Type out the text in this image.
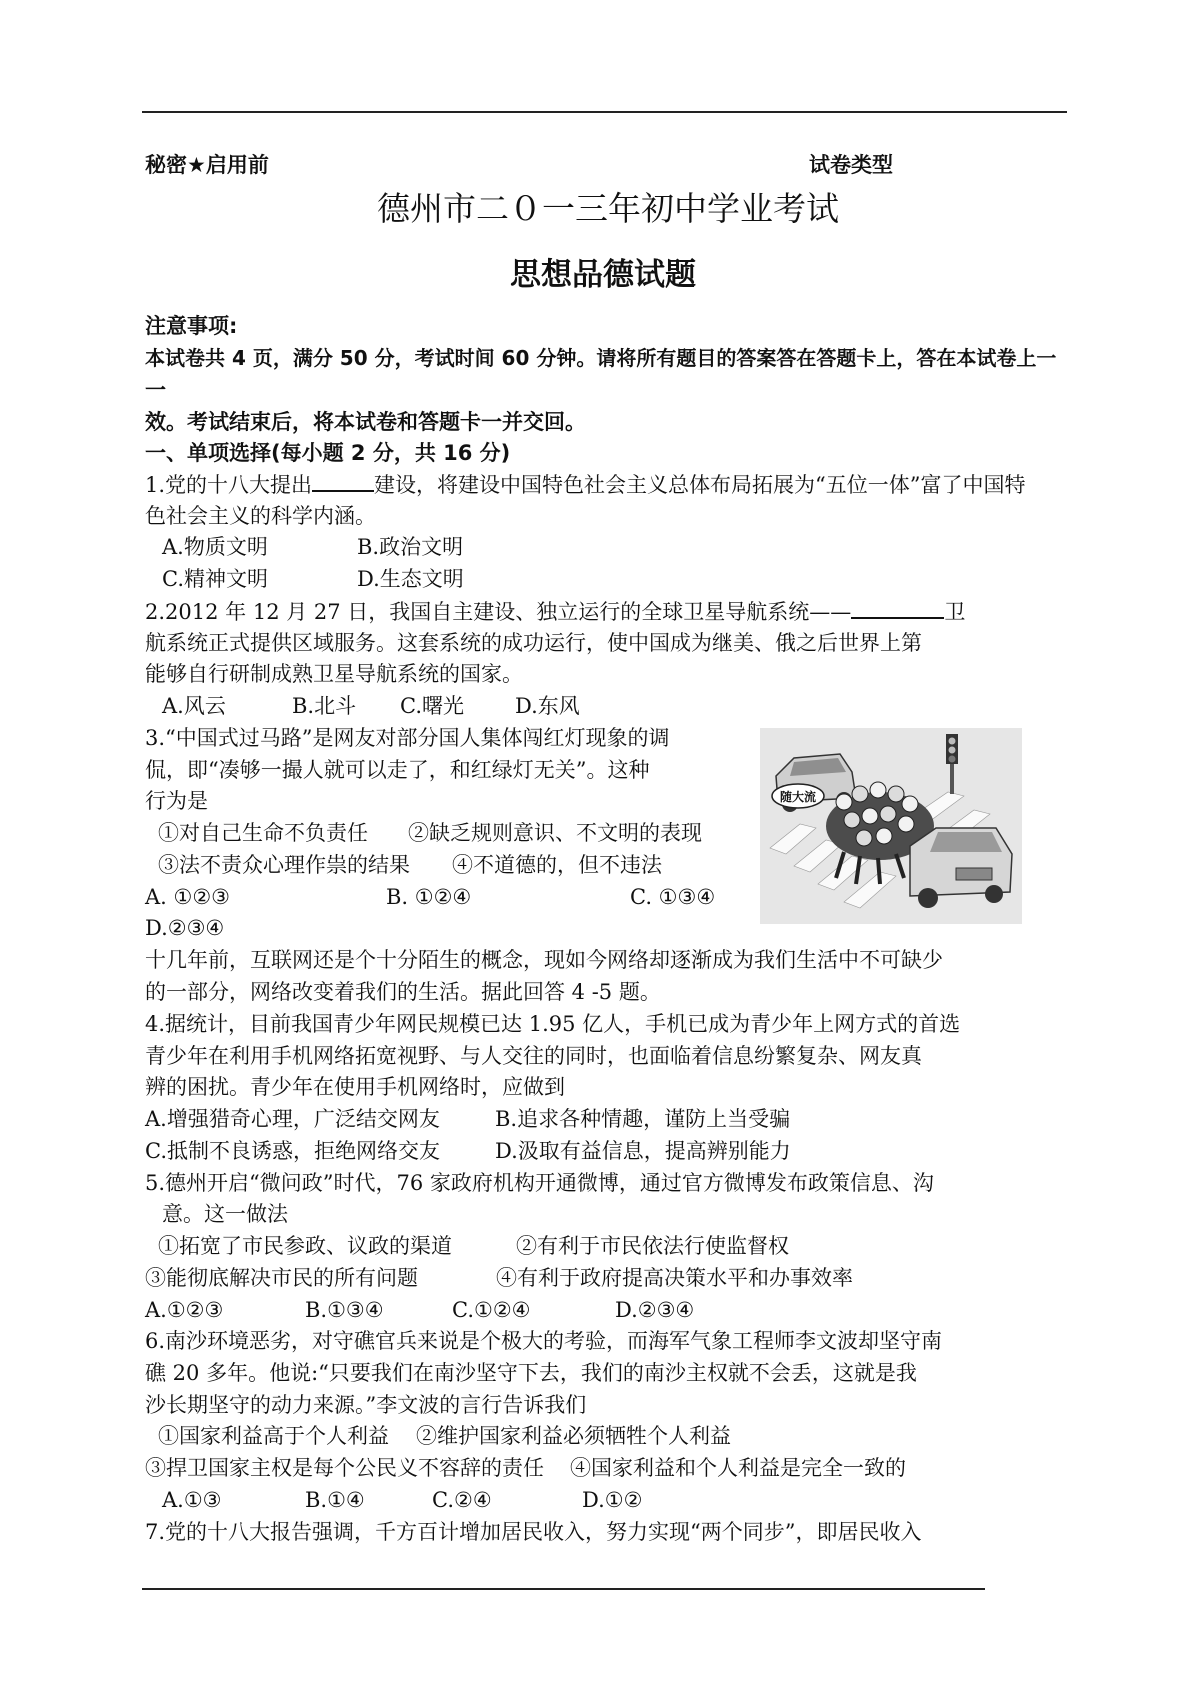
秘密★启用前	试卷类型
德州市二０一三年初中学业考试
思想品德试题
注意事项:
本试卷共 4 页，满分 50 分，考试时间 60 分钟。请将所有题目的答案答在答题卡上，答在本试卷上一
一
效。考试结束后，将本试卷和答题卡一并交回。
一、单项选择(每小题 2 分，共 16 分)
1.党的十八大提出	建设，将建设中国特色社会主义总体布局拓展为“五位一体”富了中国特
色社会主义的科学内涵。
A.物质文明	B.政治文明
C.精神文明	D.生态文明
2.2012 年 12 月 27 日，我国自主建设、独立运行的全球卫星导航系统——	卫
航系统正式提供区域服务。这套系统的成功运行，使中国成为继美、俄之后世界上第
能够自行研制成熟卫星导航系统的国家。
A.风云	B.北斗 C.曙光 D.东风
3.“中国式过马路”是网友对部分国人集体闯红灯现象的调
侃，即“凑够一撮人就可以走了，和红绿灯无关”。这种
行为是
①对自己生命不负责任 ②缺乏规则意识、不文明的表现
③法不责众心理作祟的结果 ④不道德的，但不违法
A. ①②③	B. ①②④	C. ①③④
D.②③④
随大流
十几年前，互联网还是个十分陌生的概念，现如今网络却逐渐成为我们生活中不可缺少
的一部分，网络改变着我们的生活。据此回答 4 -5 题。
4.据统计，目前我国青少年网民规模已达 1.95 亿人，手机已成为青少年上网方式的首选
青少年在利用手机网络拓宽视野、与人交往的同时，也面临着信息纷繁复杂、网友真
辨的困扰。青少年在使用手机网络时，应做到
A.增强猎奇心理，广泛结交网友	B.追求各种情趣，谨防上当受骗
C.抵制不良诱惑，拒绝网络交友	D.汲取有益信息，提高辨别能力
5.德州开启“微问政”时代，76 家政府机构开通微博，通过官方微博发布政策信息、沟
意。这一做法
①拓宽了市民参政、议政的渠道	②有利于市民依法行使监督权
③能彻底解决市民的所有问题	④有利于政府提高决策水平和办事效率
A.①②③	B.①③④	C.①②④	D.②③④
6.南沙环境恶劣，对守礁官兵来说是个极大的考验，而海军气象工程师李文波却坚守南
礁 20 多年。他说:“只要我们在南沙坚守下去，我们的南沙主权就不会丢，这就是我
沙长期坚守的动力来源。”李文波的言行告诉我们
①国家利益高于个人利益 ②维护国家利益必须牺牲个人利益
③捍卫国家主权是每个公民义不容辞的责任 ④国家利益和个人利益是完全一致的
A.①③	B.①④	C.②④	D.①②
7.党的十八大报告强调，千方百计增加居民收入，努力实现“两个同步”，即居民收入
